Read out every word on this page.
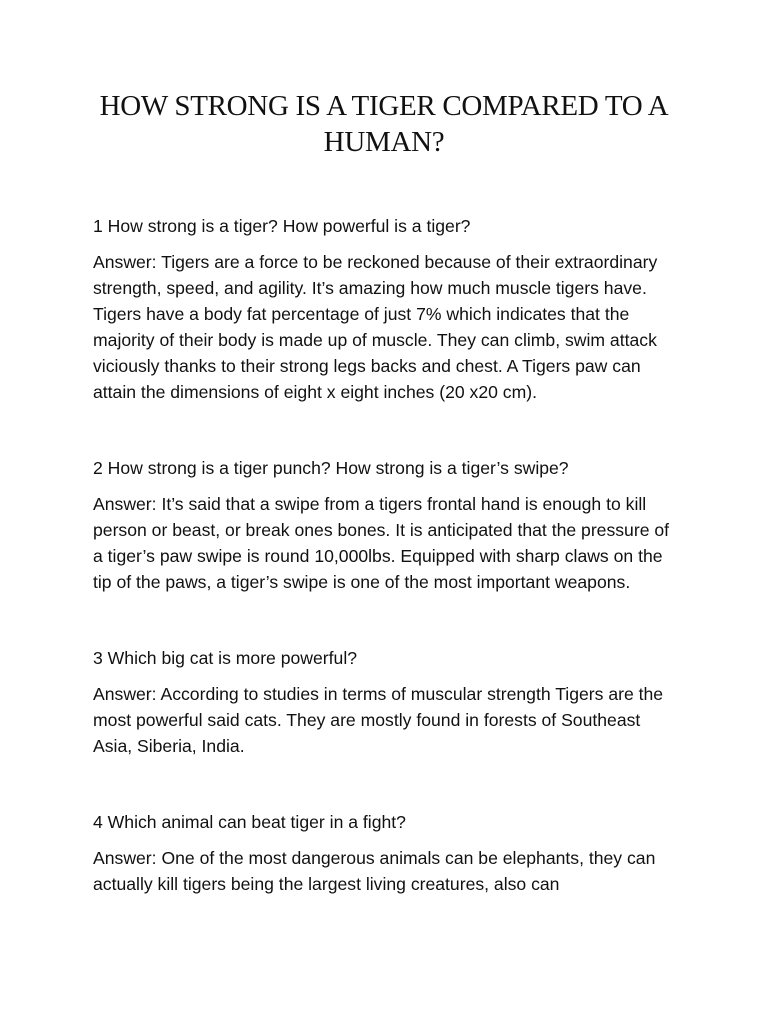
HOW STRONG IS A TIGER COMPARED TO A HUMAN?

1 How strong is a tiger? How powerful is a tiger?

Answer: Tigers are a force to be reckoned because of their extraordinary strength, speed, and agility. It’s amazing how much muscle tigers have. Tigers have a body fat percentage of just 7% which indicates that the majority of their body is made up of muscle. They can climb, swim attack viciously thanks to their strong legs backs and chest. A Tigers paw can attain the dimensions of eight x eight inches (20 x20 cm).

2 How strong is a tiger punch? How strong is a tiger’s swipe?

Answer: It’s said that a swipe from a tigers frontal hand is enough to kill person or beast, or break ones bones. It is anticipated that the pressure of a tiger’s paw swipe is round 10,000lbs. Equipped with sharp claws on the tip of the paws, a tiger’s swipe is one of the most important weapons.

3 Which big cat is more powerful?

Answer: According to studies in terms of muscular strength Tigers are the most powerful said cats. They are mostly found in forests of Southeast Asia, Siberia, India.

4 Which animal can beat tiger in a fight?

Answer: One of the most dangerous animals can be elephants, they can actually kill tigers being the largest living creatures, also can
